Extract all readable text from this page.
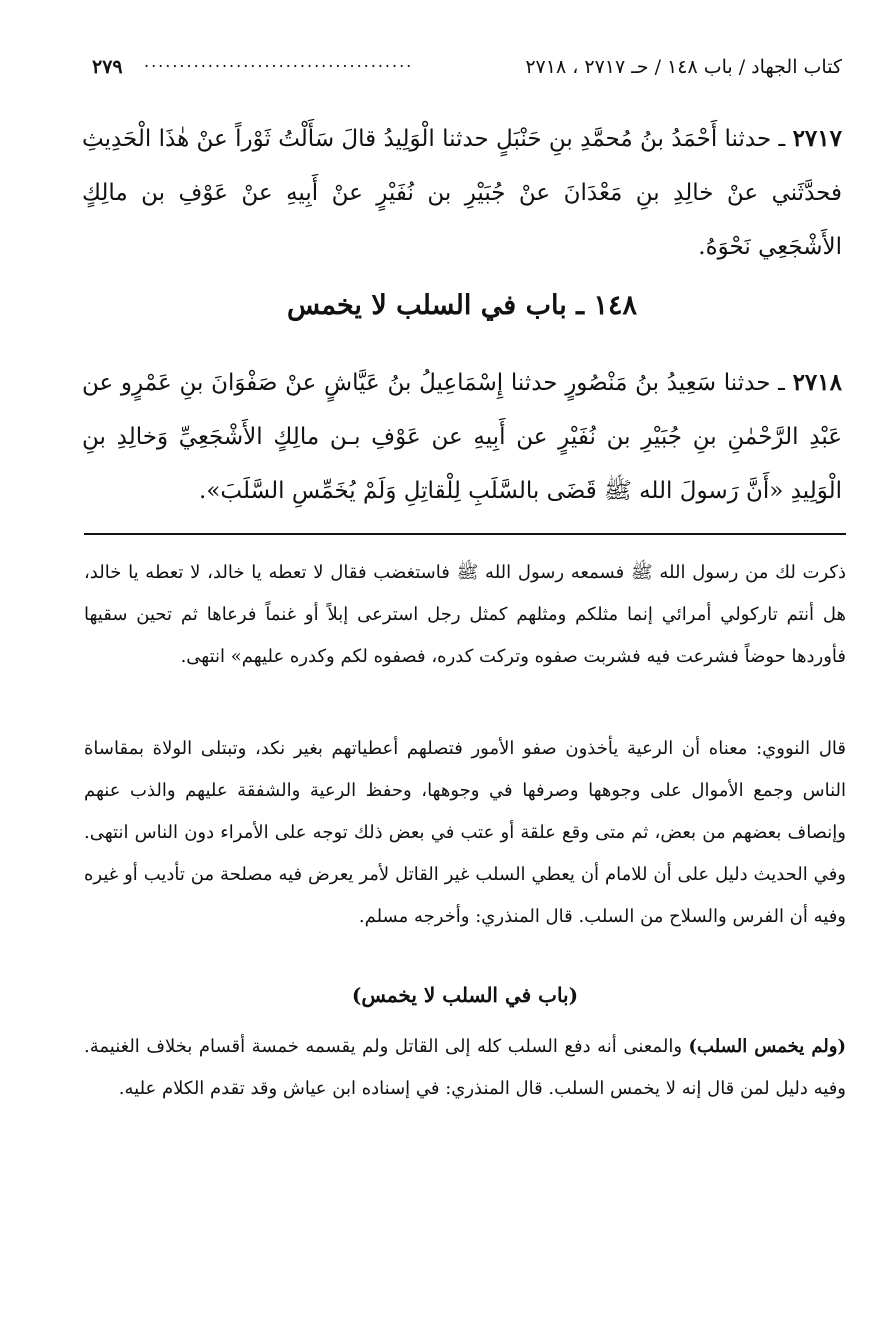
كتاب الجهاد / باب ١٤٨ / حـ ٢٧١٧ ، ٢٧١٨
......................................
٢٧٩
٢٧١٧ ـ حدثنا أَحْمَدُ بنُ مُحمَّدِ بنِ حَنْبَلٍ حدثنا الْوَلِيدُ قالَ سَأَلْتُ ثَوْراً عنْ هٰذَا الْحَدِيثِ فحدَّثَني عنْ خالِدِ بنِ مَعْدَانَ عنْ جُبَيْرِ بن نُفَيْرٍ عنْ أَبِيهِ عنْ عَوْفِ بن مالِكٍ الأَشْجَعِي نَحْوَهُ.
١٤٨ ـ باب في السلب لا يخمس
٢٧١٨ ـ حدثنا سَعِيدُ بنُ مَنْصُورٍ حدثنا إِسْمَاعِيلُ بنُ عَيَّاشٍ عنْ صَفْوَانَ بنِ عَمْرٍو عن عَبْدِ الرَّحْمٰنِ بنِ جُبَيْرِ بن نُفَيْرٍ عن أَبِيهِ عن عَوْفِ بـن مالِكٍ الأَشْجَعِيِّ وَخالِدِ بنِ الْوَلِيدِ «أَنَّ رَسولَ الله ﷺ قَضَى بالسَّلَبِ لِلْقاتِلِ وَلَمْ يُخَمِّسِ السَّلَبَ».
ذكرت لك من رسول الله ﷺ فسمعه رسول الله ﷺ فاستغضب فقال لا تعطه يا خالد، لا تعطه يا خالد، هل أنتم تاركولي أمرائي إنما مثلكم ومثلهم كمثل رجل استرعى إبلاً أو غنماً فرعاها ثم تحين سقيها فأوردها حوضاً فشرعت فيه فشربت صفوه وتركت كدره، فصفوه لكم وكدره عليهم» انتهى.
قال النووي: معناه أن الرعية يأخذون صفو الأمور فتصلهم أعطياتهم بغير نكد، وتبتلى الولاة بمقاساة الناس وجمع الأموال على وجوهها وصرفها في وجوهها، وحفظ الرعية والشفقة عليهم والذب عنهم وإنصاف بعضهم من بعض، ثم متى وقع علقة أو عتب في بعض ذلك توجه على الأمراء دون الناس انتهى. وفي الحديث دليل على أن للامام أن يعطي السلب غير القاتل لأمر يعرض فيه مصلحة من تأديب أو غيره وفيه أن الفرس والسلاح من السلب. قال المنذري: وأخرجه مسلم.
(باب في السلب لا يخمس)
(ولم يخمس السلب) والمعنى أنه دفع السلب كله إلى القاتل ولم يقسمه خمسة أقسام بخلاف الغنيمة. وفيه دليل لمن قال إنه لا يخمس السلب. قال المنذري: في إسناده ابن عياش وقد تقدم الكلام عليه.
